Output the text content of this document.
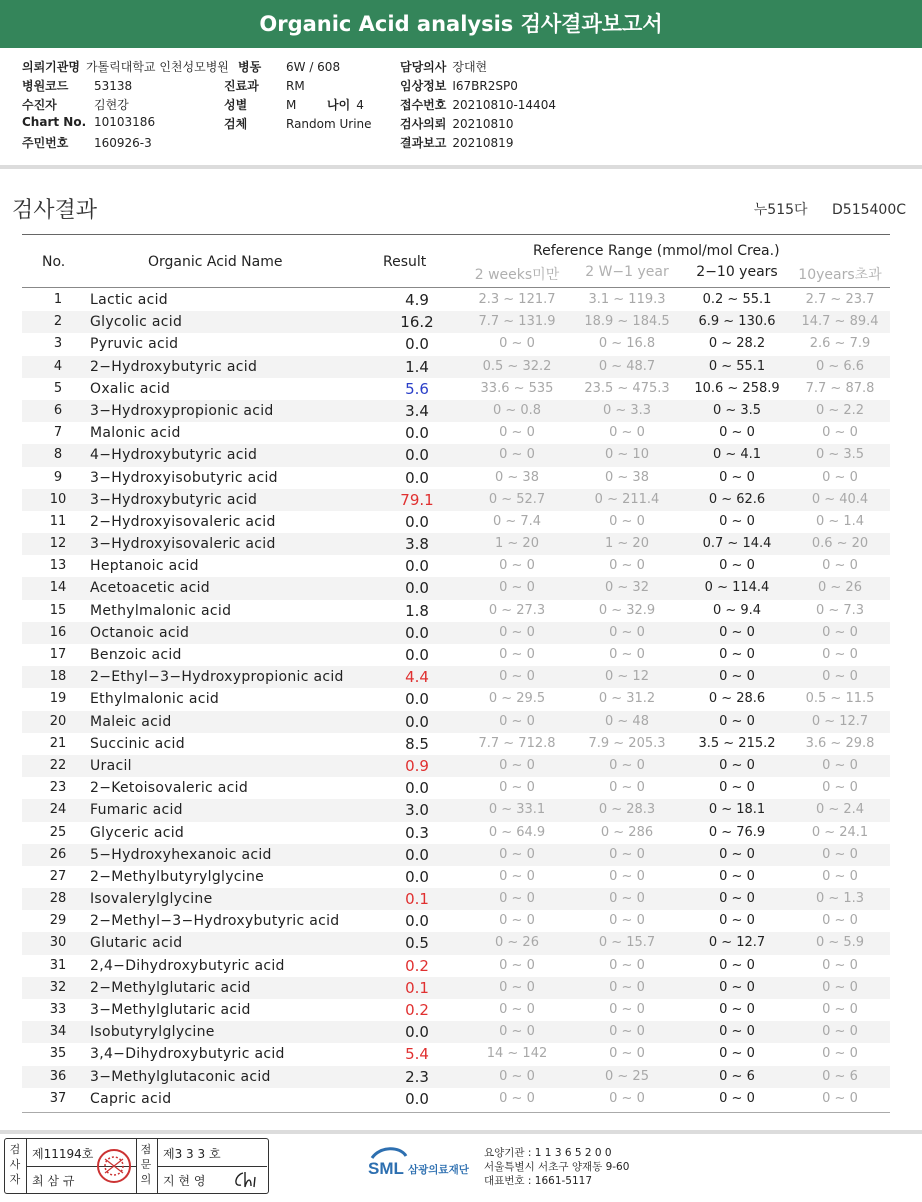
Organic Acid analysis 검사결과보고서
의뢰기관명 가톨릭대학교 인천성모병원
병원코드 53138
수진자	김현강
Chart No. 10103186
주민번호 160926-3
병동 6W / 608
진료과 RM
성별	M	나이 4
검체	Random Urine
담당의사 장대현
임상정보 I67BR2SP0
접수번호 20210810-14404
검사의뢰 20210810
결과보고 20210819
검사결과	누515다 D515400C
No.	Organic Acid Name	Result
Reference Range (mmol/mol Crea.)
2 weeks미만	2 W−1 year	2−10 years	10years초과
1	Lactic acid	4.9	2.3 ~ 121.7	3.1 ~ 119.3	0.2 ~ 55.1	2.7 ~ 23.7
2	Glycolic acid	16.2	7.7 ~ 131.9	18.9 ~ 184.5	6.9 ~ 130.6	14.7 ~ 89.4
3	Pyruvic acid	0.0	0 ~ 0	0 ~ 16.8	0 ~ 28.2	2.6 ~ 7.9
4	2−Hydroxybutyric acid	1.4	0.5 ~ 32.2	0 ~ 48.7	0 ~ 55.1	0 ~ 6.6
5	Oxalic acid	5.6	33.6 ~ 535	23.5 ~ 475.3	10.6 ~ 258.9	7.7 ~ 87.8
6	3−Hydroxypropionic acid	3.4	0 ~ 0.8	0 ~ 3.3	0 ~ 3.5	0 ~ 2.2
7	Malonic acid	0.0	0 ~ 0	0 ~ 0	0 ~ 0	0 ~ 0
8	4−Hydroxybutyric acid	0.0	0 ~ 0	0 ~ 10	0 ~ 4.1	0 ~ 3.5
9	3−Hydroxyisobutyric acid	0.0	0 ~ 38	0 ~ 38	0 ~ 0	0 ~ 0
10	3−Hydroxybutyric acid	79.1	0 ~ 52.7	0 ~ 211.4	0 ~ 62.6	0 ~ 40.4
11	2−Hydroxyisovaleric acid	0.0	0 ~ 7.4	0 ~ 0	0 ~ 0	0 ~ 1.4
12	3−Hydroxyisovaleric acid	3.8	1 ~ 20	1 ~ 20	0.7 ~ 14.4	0.6 ~ 20
13	Heptanoic acid	0.0	0 ~ 0	0 ~ 0	0 ~ 0	0 ~ 0
14	Acetoacetic acid	0.0	0 ~ 0	0 ~ 32	0 ~ 114.4	0 ~ 26
15	Methylmalonic acid	1.8	0 ~ 27.3	0 ~ 32.9	0 ~ 9.4	0 ~ 7.3
16	Octanoic acid	0.0	0 ~ 0	0 ~ 0	0 ~ 0	0 ~ 0
17	Benzoic acid	0.0	0 ~ 0	0 ~ 0	0 ~ 0	0 ~ 0
18	2−Ethyl−3−Hydroxypropionic acid	4.4	0 ~ 0	0 ~ 12	0 ~ 0	0 ~ 0
19	Ethylmalonic acid	0.0	0 ~ 29.5	0 ~ 31.2	0 ~ 28.6	0.5 ~ 11.5
20	Maleic acid	0.0	0 ~ 0	0 ~ 48	0 ~ 0	0 ~ 12.7
21	Succinic acid	8.5	7.7 ~ 712.8	7.9 ~ 205.3	3.5 ~ 215.2	3.6 ~ 29.8
22	Uracil	0.9	0 ~ 0	0 ~ 0	0 ~ 0	0 ~ 0
23	2−Ketoisovaleric acid	0.0	0 ~ 0	0 ~ 0	0 ~ 0	0 ~ 0
24	Fumaric acid	3.0	0 ~ 33.1	0 ~ 28.3	0 ~ 18.1	0 ~ 2.4
25	Glyceric acid	0.3	0 ~ 64.9	0 ~ 286	0 ~ 76.9	0 ~ 24.1
26	5−Hydroxyhexanoic acid	0.0	0 ~ 0	0 ~ 0	0 ~ 0	0 ~ 0
27	2−Methylbutyrylglycine	0.0	0 ~ 0	0 ~ 0	0 ~ 0	0 ~ 0
28	Isovalerylglycine	0.1	0 ~ 0	0 ~ 0	0 ~ 0	0 ~ 1.3
29	2−Methyl−3−Hydroxybutyric acid	0.0	0 ~ 0	0 ~ 0	0 ~ 0	0 ~ 0
30	Glutaric acid	0.5	0 ~ 26	0 ~ 15.7	0 ~ 12.7	0 ~ 5.9
31	2,4−Dihydroxybutyric acid	0.2	0 ~ 0	0 ~ 0	0 ~ 0	0 ~ 0
32	2−Methylglutaric acid	0.1	0 ~ 0	0 ~ 0	0 ~ 0	0 ~ 0
33	3−Methylglutaric acid	0.2	0 ~ 0	0 ~ 0	0 ~ 0	0 ~ 0
34	Isobutyrylglycine	0.0	0 ~ 0	0 ~ 0	0 ~ 0	0 ~ 0
35	3,4−Dihydroxybutyric acid	5.4	14 ~ 142	0 ~ 0	0 ~ 0	0 ~ 0
36	3−Methylglutaconic acid	2.3	0 ~ 0	0 ~ 25	0 ~ 6	0 ~ 6
37	Capric acid	0.0	0 ~ 0	0 ~ 0	0 ~ 0	0 ~ 0
검사자
제11194호
최 삼 규
점문의
제3 3 3 호
지 현 영
SML 삼광의료재단
요양기관 : 1 1 3 6 5 2 0 0
서울특별시 서초구 양재동 9-60
대표번호 : 1661-5117
